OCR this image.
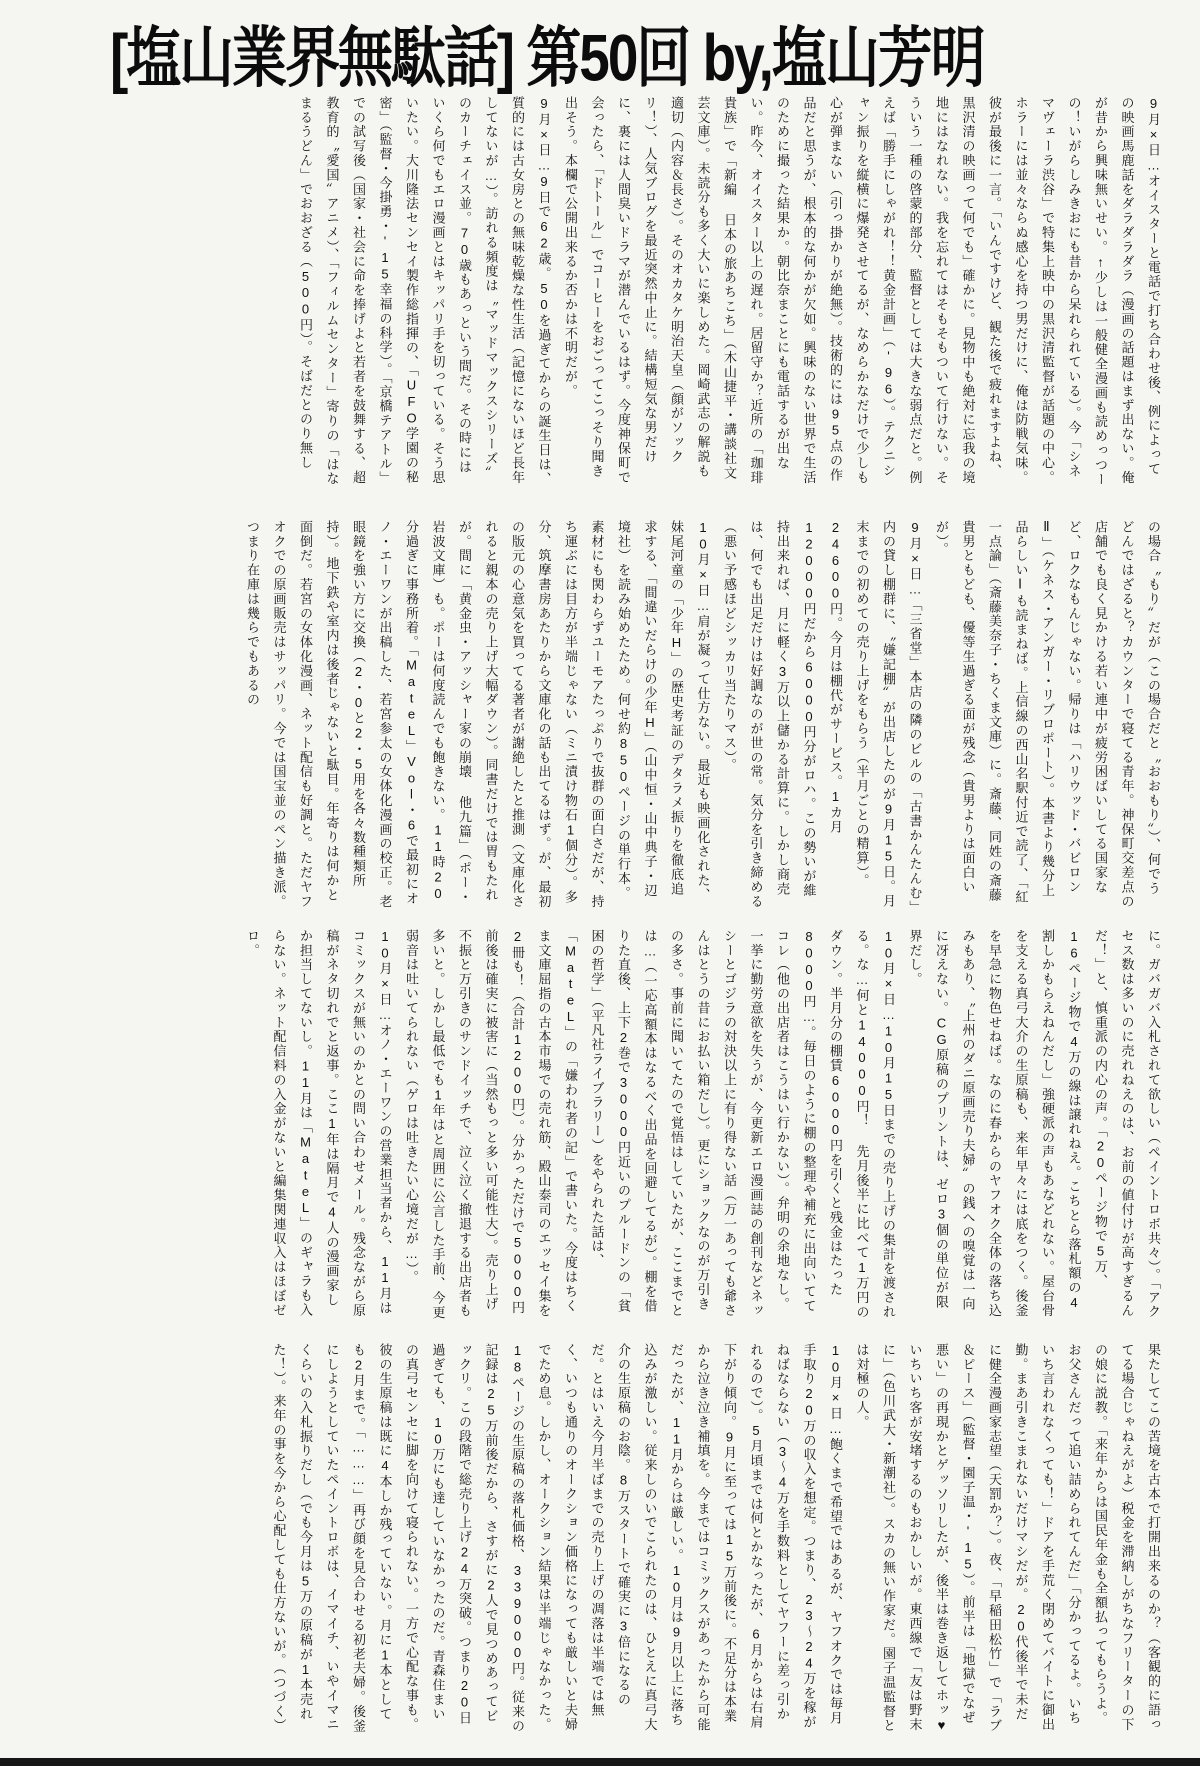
[塩山業界無駄話] 第50回 by,塩山芳明

9月×日…オイスターと電話で打ち合わせ後、例によっての映画馬鹿話をダラダラダラ（漫画の話題はまず出ない。俺が昔から興味無いせい。↑少しは一般健全漫画も読めっつーの！いがらしみきおにも昔から呆れられている）。今「シネマヴェーラ渋谷」で特集上映中の黒沢清監督が話題の中心。ホラーには並々ならぬ感心を持つ男だけに、俺は防戦気味。彼が最後に一言。「いんですけど、観た後で疲れますよね、黒沢清の映画って何でも」確かに。見物中も絶対に忘我の境地にはなれない。我を忘れてはそもそもついて行けない。そういう一種の啓蒙的部分、監督としては大きな弱点だと。例えば「勝手にしゃがれ！！黄金計画」（'96）。テクニシャン振りを縦横に爆発させてるが、なめらかなだけで少しも心が弾まない（引っ掛かりが絶無）。技術的には95点の作品だと思うが、根本的な何かが欠如。興味のない世界で生活のために撮った結果か。朝比奈まことにも電話するが出ない。昨今、オイスター以上の遅れ。居留守か？近所の「珈琲貴族」で「新編 日本の旅あちこち」（木山捷平・講談社文芸文庫）。未読分も多く大いに楽しめた。岡崎武志の解説も適切（内容＆長さ）。そのオカタケ明治天皇（顔がソックリ！）、人気ブログを最近突然中止に。結構短気な男だけに、裏には人間臭いドラマが潜んでいるはず。今度神保町で会ったら、「ドトール」でコーヒーをおごってこっそり聞き出そう。本欄で公開出来るか否かは不明だが。

9月×日…9日で62歳。50を過ぎてからの誕生日は、質的には古女房との無味乾燥な性生活（記憶にないほど長年してないが…）。訪れる頻度は〝マッドマックスシリーズ〟のカーチェイス並。70歳もあっという間だ。その時にはいくら何でもエロ漫画とはキッパリ手を切っている。そう思いたい。大川隆法センセイ製作総指揮の、「UFO学園の秘密」（監督・今掛勇・'15幸福の科学）。「京橋テアトル」での試写後（国家・社会に命を捧げよと若者を鼓舞する、超教育的〝愛国〟アニメ）、「フィルムセンター」寄りの「はなまるうどん」でおおざる（500円）。そばだとのり無し

の場合〝もり〟だが（この場合だと〝おおもり〟）、何でうどんではざると？カウンターで寝てる青年。神保町交差点の店舗でも良く見かける若い連中が疲労困ばいしてる国家など、ロクなもんじゃない。帰りは「ハリウッド・バビロンⅡ」（ケネス・アンガー・リブロポート）。本書より幾分上品らしいⅠも読まねば。上信線の西山名駅付近で読了、「紅一点論」（斎藤美奈子・ちくま文庫）に。斎藤、同姓の斎藤貴男ともども、優等生過ぎる面が残念（貴男よりは面白いが）。

9月×日…「三省堂」本店の隣のビルの「古書かんたんむ」内の貸し棚群に、〝嫌記棚〟が出店したのが9月15日。月末までの初めての売り上げをもらう（半月ごとの精算）。24600円。今月は棚代がサービス。1カ月12000円だから6000円分がロハ。この勢いが維持出来れば、月に軽く3万以上儲かる計算に。しかし商売は、何でも出足だけは好調なのが世の常。気分を引き締める（悪い予感ほどシッカリ当たりマス）。

10月×日…肩が凝って仕方ない。最近も映画化された、妹尾河童の「少年H」の歴史考証のデタラメ振りを徹底追求する、「間違いだらけの少年H」（山中恒・山中典子・辺境社）を読み始めたため。何せ約850ページの単行本。素材にも関わらずユーモアたっぷりで抜群の面白さだが、持ち運ぶには目方が半端じゃない（ミニ漬け物石1個分）。多分、筑摩書房あたりから文庫化の話も出てるはず。が、最初の版元の心意気を買ってる著者が謝絶したと推測（文庫化されると親本の売り上げ大幅ダウン）。同書だけでは胃もたれが。間に「黄金虫・アッシャー家の崩壊 他九篇」（ポー・岩波文庫）も。ポーは何度読んでも飽きない。11時20分過ぎに事務所着。「MateL」Vol・6で最初にオノ・エーワンが出稿した、若宮参太の女体化漫画の校正。老眼鏡を強い方に交換（2・0と2・5用を各々数種類所持）。地下鉄や室内は後者じゃないと駄目。年寄りは何かと面倒だ。若宮の女体化漫画、ネット配信も好調と。ただヤフオクでの原画販売はサッパリ。今では国宝並のペン描き派。つまり在庫は幾らでもあるの

に。ガバガバ入札されて欲しい（ペイントロボ共々）。「アクセス数は多いのに売れねえのは、お前の値付けが高すぎるんだ！」と、慎重派の内心の声。「20ページ物で5万、16ページ物で4万の線は譲れねえ。こちとら落札額の4割しかもらえねんだし」強硬派の声もあなどれない。屋台骨を支える真弓大介の生原稿も、来年早々には底をつく。後釜を早急に物色せねば。なのに春からのヤフオク全体の落ち込みもあり、〝上州のダニ原画売り夫婦〟の銭への嗅覚は一向に冴えない。CG原稿のプリントは、ゼロ3個の単位が限界だし。

10月×日…10月15日までの売り上げの集計を渡される。な…何と14000円！ 先月後半に比べて1万円のダウン。半月分の棚賃6000円を引くと残金はたった8000円…。毎日のように棚の整理や補充に出向いててコレ（他の出店者はこうはい行かない）。弁明の余地なし。一挙に勤労意欲を失うが、今更新エロ漫画誌の創刊などネッシーとゴジラの対決以上に有り得ない話（万一あっても爺さんはとうの昔にお払い箱だし）。更にショックなのが万引きの多さ。事前に聞いてたので覚悟はしていたが、ここまでとは…（一応高額本はなるべく出品を回避してるが）。棚を借りた直後、上下2巻で3000円近いのプルードンの「貧困の哲学」（平凡社ライブラリー）をやられた話は、「MateL」の「嫌われ者の記」で書いた。今度はちくま文庫屈指の古本市場での売れ筋、殿山泰司のエッセイ集を2冊も！（合計1200円）。分かっただけで5000円前後は確実に被害に（当然もっと多い可能性大）。売り上げ不振と万引きのサンドイッチで、泣く泣く撤退する出店者も多いと。しかし最低でも1年はと周囲に公言した手前、今更弱音は吐いてられない（ゲロは吐きたい心境だが…）。

10月×日…オノ・エーワンの営業担当者から、11月はコミックスが無いのかとの問い合わせメール。残念ながら原稿がネタ切れでと返事。ここ1年は隔月で4人の漫画家しか担当してないし。11月は「MateL」のギャラも入らない。ネット配信料の入金がないと編集関連収入はほぼゼロ。

果たしてこの苦境を古本で打開出来るのか？（客観的に語ってる場合じゃねえがよ）税金を滞納しがちなフリーターの下の娘に説教。「来年からは国民年金も全額払ってもらうよ。お父さんだって追い詰められてんだ」「分かってるよ。いちいち言われなくっても！」ドアを手荒く閉めてバイトに御出勤。まあ引きこまれないだけマシだが。20代後半で未だに健全漫画家志望（天罰か？）。夜、「早稲田松竹」で「ラブ＆ピース」（監督・園子温・'15）。前半は「地獄でなぜ悪い」の再現かとゲッソリしたが、後半は巻き返してホッ♥ いちいち客が安堵するのもおかしいが。東西線で「友は野末に」（色川武大・新潮社）。スカの無い作家だ。園子温監督とは対極の人。

10月×日…飽くまで希望ではあるが、ヤフオクでは毎月手取り20万の収入を想定。つまり、23〜24万を稼がねばならない（3〜4万を手数料としてヤフーに差っ引かれるので）。5月頃までは何とかなったが、6月からは右肩下がり傾向。9月に至っては15万前後に。不足分は本業から泣き泣き補填を。今まではコミックスがあったから可能だったが、11月からは厳しい。10月は9月以上に落ち込みが激しい。従来しのいでこられたのは、ひとえに真弓大介の生原稿のお陰。8万スタートで確実に3倍になるのだ。とはいえ今月半ばまでの売り上げの凋落は半端では無く、いつも通りのオークション価格になっても厳しいと夫婦でため息。しかし、オークション結果は半端じゃなかった。18ページの生原稿の落札価格、339000円。従来の記録は25万前後だから、さすがに2人で見つめあってビックリ。この段階で総売り上げ24万突破。つまり20日過ぎても、10万にも達していなかったのだ。青森住まいの真弓センセに脚を向けて寝られない。一方で心配な事も。彼の生原稿は既に4本しか残っていない。月に1本としても2月まで。「………」再び顔を見合わせる初老夫婦。後釜にしようとしていたペイントロボは、イマイチ、いやイマニくらいの入札振りだし（でも今月は5万の原稿が1本売れた！）。来年の事を今から心配しても仕方ないが。（つづく）
